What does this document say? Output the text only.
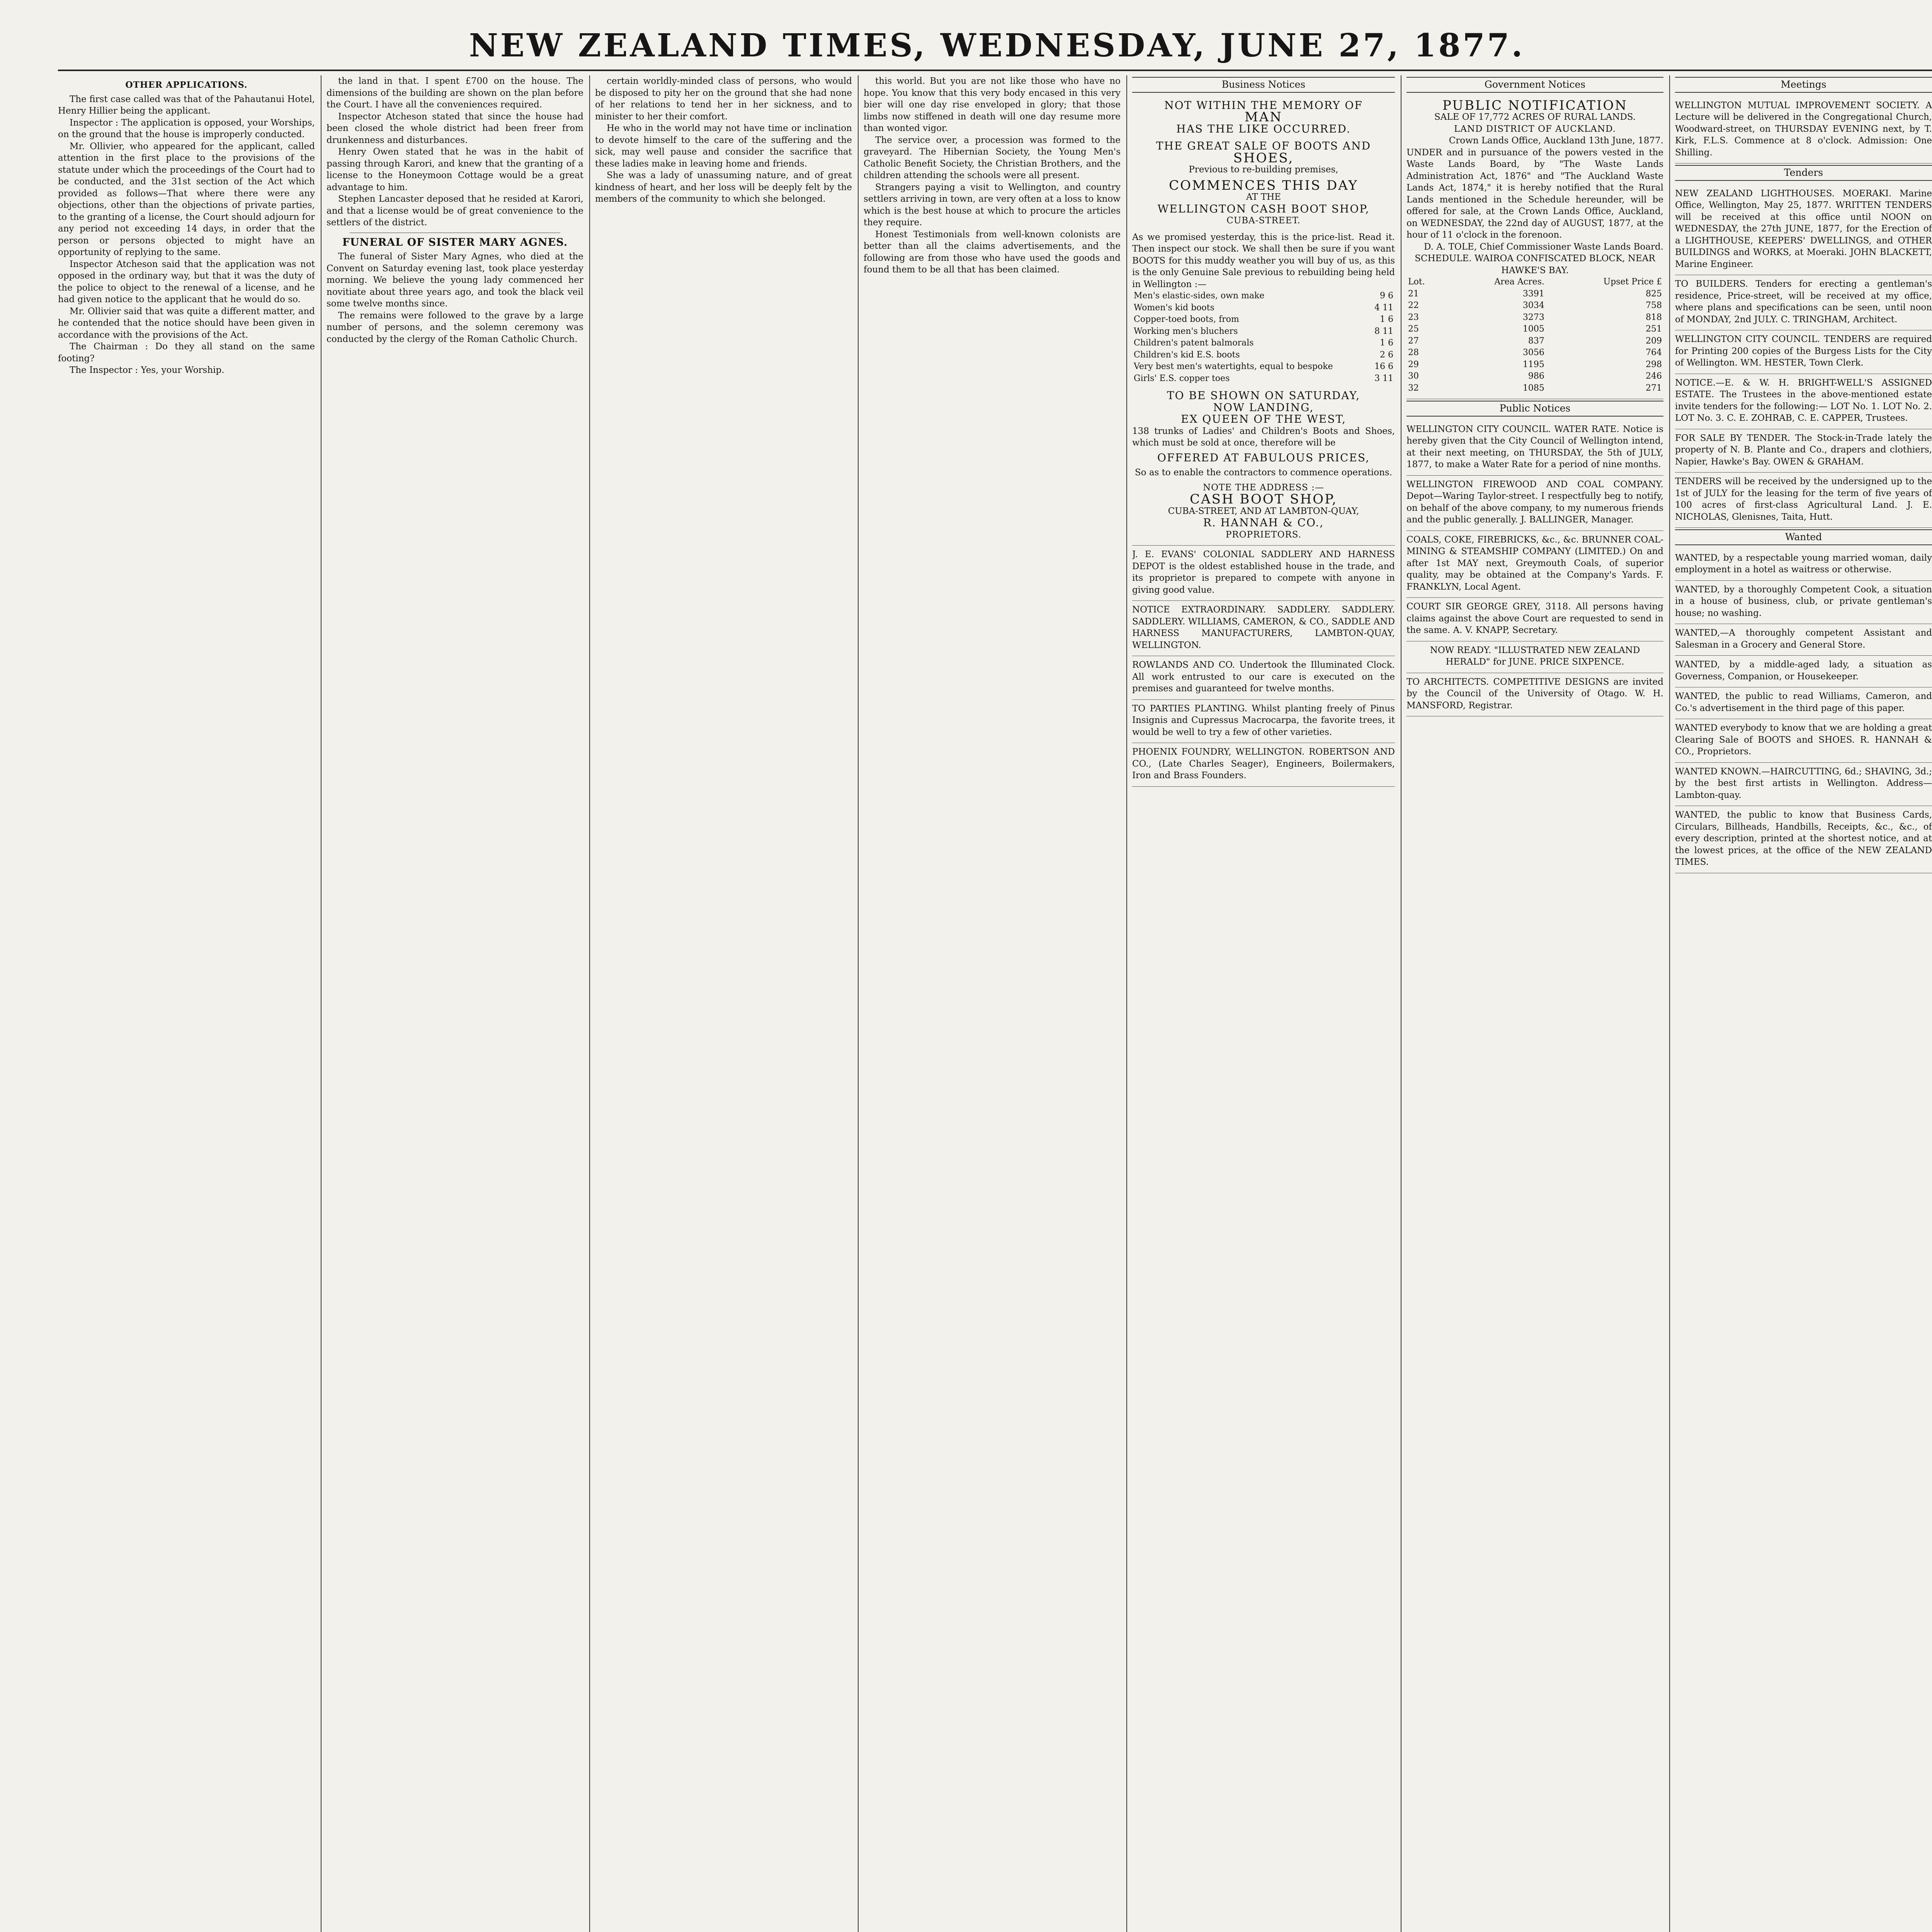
NEW ZEALAND TIMES, WEDNESDAY, JUNE 27, 1877.
OTHER APPLICATIONS.

The first case called was that of the Pahautanui Hotel, Henry Hillier being the applicant.

Inspector : The application is opposed, your Worships, on the ground that the house is improperly conducted.

Mr. Ollivier, who appeared for the applicant, called attention in the first place to the provisions of the statute under which the proceedings of the Court had to be conducted, and the 31st section of the Act which provided as follows—That where there were any objections, other than the objections of private parties, to the granting of a license, the Court should adjourn for any period not exceeding 14 days, in order that the person or persons objected to might have an opportunity of replying to the same.

Inspector Atcheson said that the application was not opposed in the ordinary way, but that it was the duty of the police to object to the renewal of a license, and he had given notice to the applicant that he would do so.

Mr. Ollivier said that was quite a different matter, and he contended that the notice should have been given in accordance with the provisions of the Act.

The Chairman : Do they all stand on the same footing?

The Inspector : Yes, your Worship.

the land in that. I spent £700 on the house. The dimensions of the building are shown on the plan before the Court. I have all the conveniences required.

Inspector Atcheson stated that since the house had been closed the whole district had been freer from drunkenness and disturbances.

Henry Owen stated that he was in the habit of passing through Karori, and knew that the granting of a license to the Honeymoon Cottage would be a great advantage to him.

Stephen Lancaster deposed that he resided at Karori, and that a license would be of great convenience to the settlers of the district.

FUNERAL OF SISTER MARY AGNES.

The funeral of Sister Mary Agnes, who died at the Convent on Saturday evening last, took place yesterday morning. We believe the young lady commenced her novitiate about three years ago, and took the black veil some twelve months since.

The remains were followed to the grave by a large number of persons, and the solemn ceremony was conducted by the clergy of the Roman Catholic Church.

certain worldly-minded class of persons, who would be disposed to pity her on the ground that she had none of her relations to tend her in her sickness, and to minister to her their comfort.

He who in the world may not have time or inclination to devote himself to the care of the suffering and the sick, may well pause and consider the sacrifice that these ladies make in leaving home and friends.

She was a lady of unassuming nature, and of great kindness of heart, and her loss will be deeply felt by the members of the community to which she belonged.

this world. But you are not like those who have no hope. You know that this very body encased in this very bier will one day rise enveloped in glory; that those limbs now stiffened in death will one day resume more than wonted vigor.

The service over, a procession was formed to the graveyard. The Hibernian Society, the Young Men's Catholic Benefit Society, the Christian Brothers, and the children attending the schools were all present.

Strangers paying a visit to Wellington, and country settlers arriving in town, are very often at a loss to know which is the best house at which to procure the articles they require.

Honest Testimonials from well-known colonists are better than all the claims advertisements, and the following are from those who have used the goods and found them to be all that has been claimed.

Business Notices

NOT WITHIN THE MEMORY OF

MAN

HAS THE LIKE OCCURRED.

THE GREAT SALE OF BOOTS AND

SHOES,

Previous to re-building premises,

COMMENCES THIS DAY

AT THE

WELLINGTON CASH BOOT SHOP,

CUBA-STREET.

As we promised yesterday, this is the price-list. Read it. Then inspect our stock. We shall then be sure if you want BOOTS for this muddy weather you will buy of us, as this is the only Genuine Sale previous to rebuilding being held in Wellington :—

Men's elastic-sides, own make	9 6
Women's kid boots	4 11
Copper-toed boots, from	1 6
Working men's bluchers	8 11
Children's patent balmorals	1 6
Children's kid E.S. boots	2 6
Very best men's watertights, equal to bespoke	16 6
Girls' E.S. copper toes	3 11

TO BE SHOWN ON SATURDAY,

NOW LANDING,

EX QUEEN OF THE WEST,

138 trunks of Ladies' and Children's Boots and Shoes, which must be sold at once, therefore will be

OFFERED AT FABULOUS PRICES,

So as to enable the contractors to commence operations.

NOTE THE ADDRESS :—

CASH BOOT SHOP,

CUBA-STREET, AND AT LAMBTON-QUAY,

R. HANNAH & CO.,

PROPRIETORS.

J. E. EVANS' COLONIAL SADDLERY AND HARNESS DEPOT is the oldest established house in the trade, and its proprietor is prepared to compete with anyone in giving good value.

NOTICE EXTRAORDINARY. SADDLERY. SADDLERY. SADDLERY. WILLIAMS, CAMERON, & CO., SADDLE AND HARNESS MANUFACTURERS, LAMBTON-QUAY, WELLINGTON.

ROWLANDS AND CO. Undertook the Illuminated Clock. All work entrusted to our care is executed on the premises and guaranteed for twelve months.

TO PARTIES PLANTING. Whilst planting freely of Pinus Insignis and Cupressus Macrocarpa, the favorite trees, it would be well to try a few of other varieties.

PHOENIX FOUNDRY, WELLINGTON. ROBERTSON AND CO., (Late Charles Seager), Engineers, Boilermakers, Iron and Brass Founders.

Government Notices

PUBLIC NOTIFICATION

SALE OF 17,772 ACRES OF RURAL LANDS.

LAND DISTRICT OF AUCKLAND.

Crown Lands Office, Auckland 13th June, 1877.

UNDER and in pursuance of the powers vested in the Waste Lands Board, by "The Waste Lands Administration Act, 1876" and "The Auckland Waste Lands Act, 1874," it is hereby notified that the Rural Lands mentioned in the Schedule hereunder, will be offered for sale, at the Crown Lands Office, Auckland, on WEDNESDAY, the 22nd day of AUGUST, 1877, at the hour of 11 o'clock in the forenoon.

D. A. TOLE, Chief Commissioner Waste Lands Board.

SCHEDULE. WAIROA CONFISCATED BLOCK, NEAR HAWKE'S BAY.

Lot.	Area Acres.	Upset Price £
21	3391	825
22	3034	758
23	3273	818
25	1005	251
27	837	209
28	3056	764
29	1195	298
30	986	246
32	1085	271
Public Notices

WELLINGTON CITY COUNCIL. WATER RATE. Notice is hereby given that the City Council of Wellington intend, at their next meeting, on THURSDAY, the 5th of JULY, 1877, to make a Water Rate for a period of nine months.

WELLINGTON FIREWOOD AND COAL COMPANY. Depot—Waring Taylor-street. I respectfully beg to notify, on behalf of the above company, to my numerous friends and the public generally. J. BALLINGER, Manager.

COALS, COKE, FIREBRICKS, &c., &c. BRUNNER COAL-MINING & STEAMSHIP COMPANY (LIMITED.) On and after 1st MAY next, Greymouth Coals, of superior quality, may be obtained at the Company's Yards. F. FRANKLYN, Local Agent.

COURT SIR GEORGE GREY, 3118. All persons having claims against the above Court are requested to send in the same. A. V. KNAPP, Secretary.

NOW READY. "ILLUSTRATED NEW ZEALAND HERALD" for JUNE. PRICE SIXPENCE.

TO ARCHITECTS. COMPETITIVE DESIGNS are invited by the Council of the University of Otago. W. H. MANSFORD, Registrar.

Meetings

WELLINGTON MUTUAL IMPROVEMENT SOCIETY. A Lecture will be delivered in the Congregational Church, Woodward-street, on THURSDAY EVENING next, by T. Kirk, F.L.S. Commence at 8 o'clock. Admission: One Shilling.

Tenders

NEW ZEALAND LIGHTHOUSES. MOERAKI. Marine Office, Wellington, May 25, 1877. WRITTEN TENDERS will be received at this office until NOON on WEDNESDAY, the 27th JUNE, 1877, for the Erection of a LIGHTHOUSE, KEEPERS' DWELLINGS, and OTHER BUILDINGS and WORKS, at Moeraki. JOHN BLACKETT, Marine Engineer.

TO BUILDERS. Tenders for erecting a gentleman's residence, Price-street, will be received at my office, where plans and specifications can be seen, until noon of MONDAY, 2nd JULY. C. TRINGHAM, Architect.

WELLINGTON CITY COUNCIL. TENDERS are required for Printing 200 copies of the Burgess Lists for the City of Wellington. WM. HESTER, Town Clerk.

NOTICE.—E. & W. H. BRIGHT-WELL'S ASSIGNED ESTATE. The Trustees in the above-mentioned estate invite tenders for the following:— LOT No. 1. LOT No. 2. LOT No. 3. C. E. ZOHRAB, C. E. CAPPER, Trustees.

FOR SALE BY TENDER. The Stock-in-Trade lately the property of N. B. Plante and Co., drapers and clothiers, Napier, Hawke's Bay. OWEN & GRAHAM.

TENDERS will be received by the undersigned up to the 1st of JULY for the leasing for the term of five years of 100 acres of first-class Agricultural Land. J. E. NICHOLAS, Glenisnes, Taita, Hutt.

Wanted

WANTED, by a respectable young married woman, daily employment in a hotel as waitress or otherwise.

WANTED, by a thoroughly Competent Cook, a situation in a house of business, club, or private gentleman's house; no washing.

WANTED,—A thoroughly competent Assistant and Salesman in a Grocery and General Store.

WANTED, by a middle-aged lady, a situation as Governess, Companion, or Housekeeper.

WANTED, the public to read Williams, Cameron, and Co.'s advertisement in the third page of this paper.

WANTED everybody to know that we are holding a great Clearing Sale of BOOTS and SHOES. R. HANNAH & CO., Proprietors.

WANTED KNOWN.—HAIRCUTTING, 6d.; SHAVING, 3d.; by the best first artists in Wellington. Address—Lambton-quay.

WANTED, the public to know that Business Cards, Circulars, Billheads, Handbills, Receipts, &c., &c., of every description, printed at the shortest notice, and at the lowest prices, at the office of the NEW ZEALAND TIMES.
